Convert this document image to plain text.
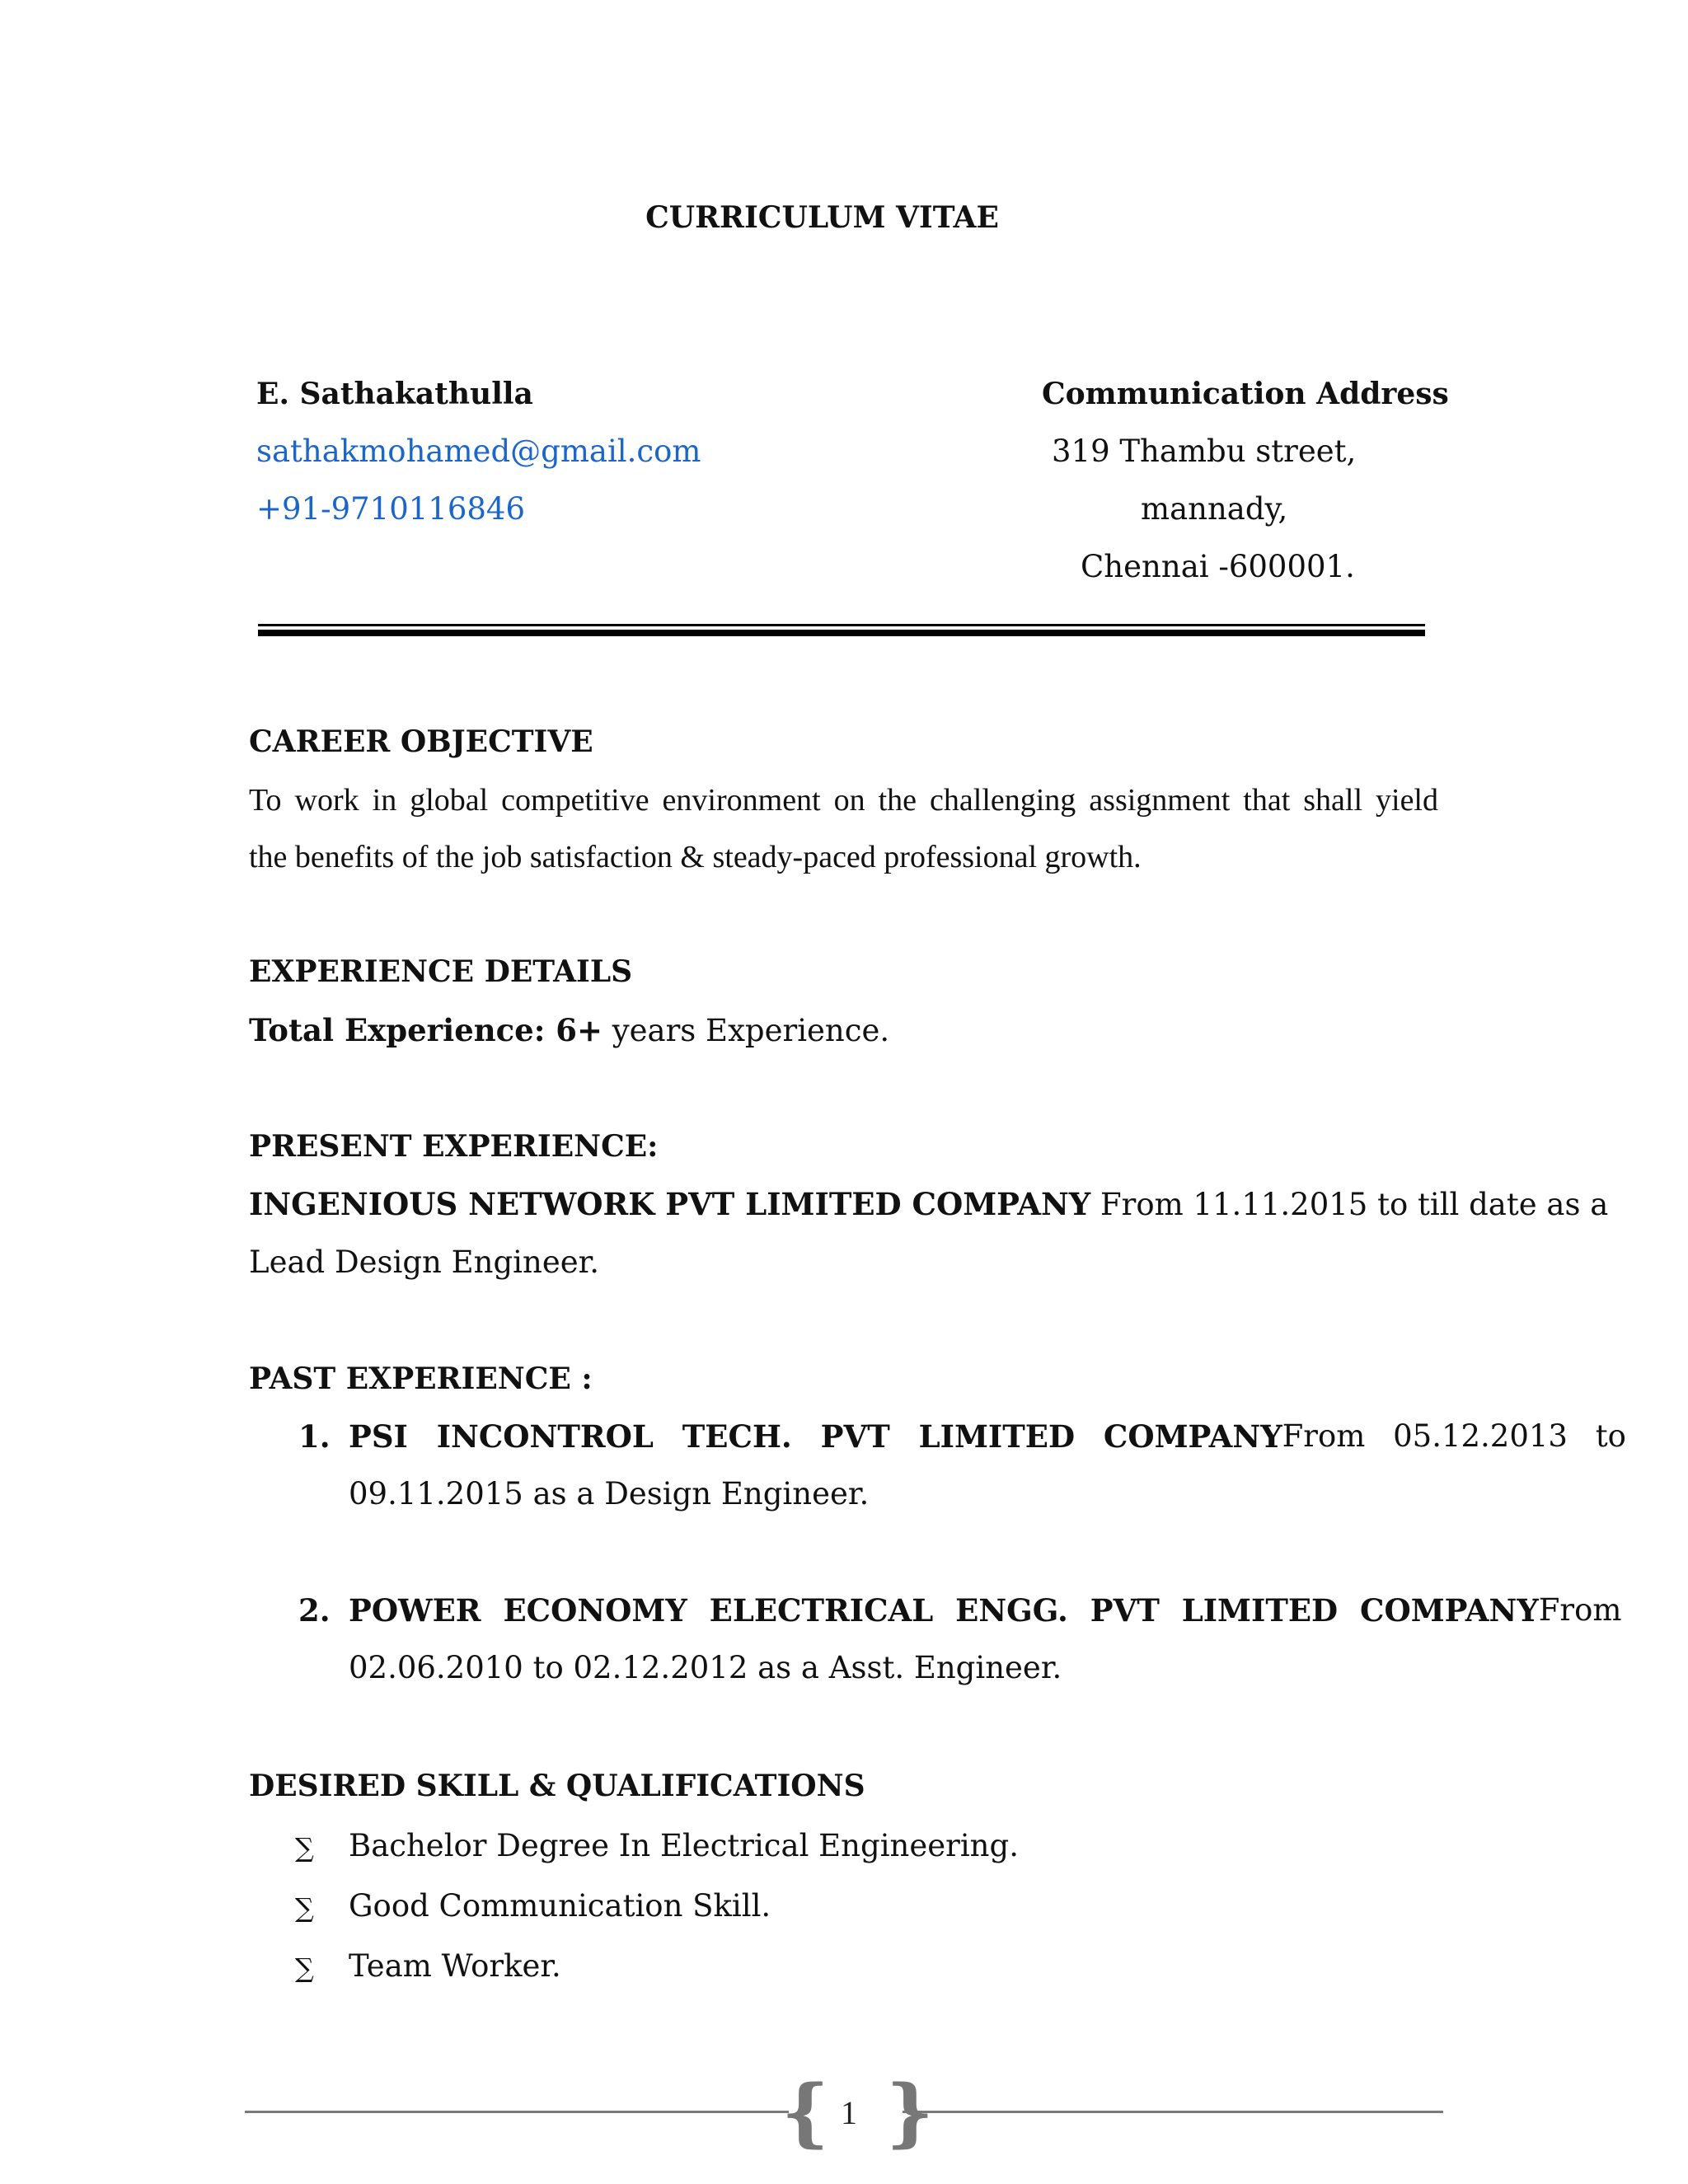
CURRICULUM VITAE
E. Sathakathulla
sathakmohamed@gmail.com
+91-9710116846
Communication Address
319 Thambu street,
mannady,
Chennai -600001.
CAREER OBJECTIVE
To work in global competitive environment on the challenging assignment that shall yield
the benefits of the job satisfaction & steady-paced professional growth.
EXPERIENCE DETAILS
Total Experience: 6+ years Experience.
PRESENT EXPERIENCE:
INGENIOUS NETWORK PVT LIMITED COMPANY From 11.11.2015 to till date as a
Lead Design Engineer.
PAST EXPERIENCE :
1. PSI INCONTROL TECH. PVT LIMITED COMPANY From 05.12.2013 to
09.11.2015 as a Design Engineer.
2. POWER ECONOMY ELECTRICAL ENGG. PVT LIMITED COMPANY From
02.06.2010 to 02.12.2012 as a Asst. Engineer.
DESIRED SKILL & QUALIFICATIONS
∑ Bachelor Degree In Electrical Engineering.
∑ Good Communication Skill.
∑ Team Worker.
{ }
1
